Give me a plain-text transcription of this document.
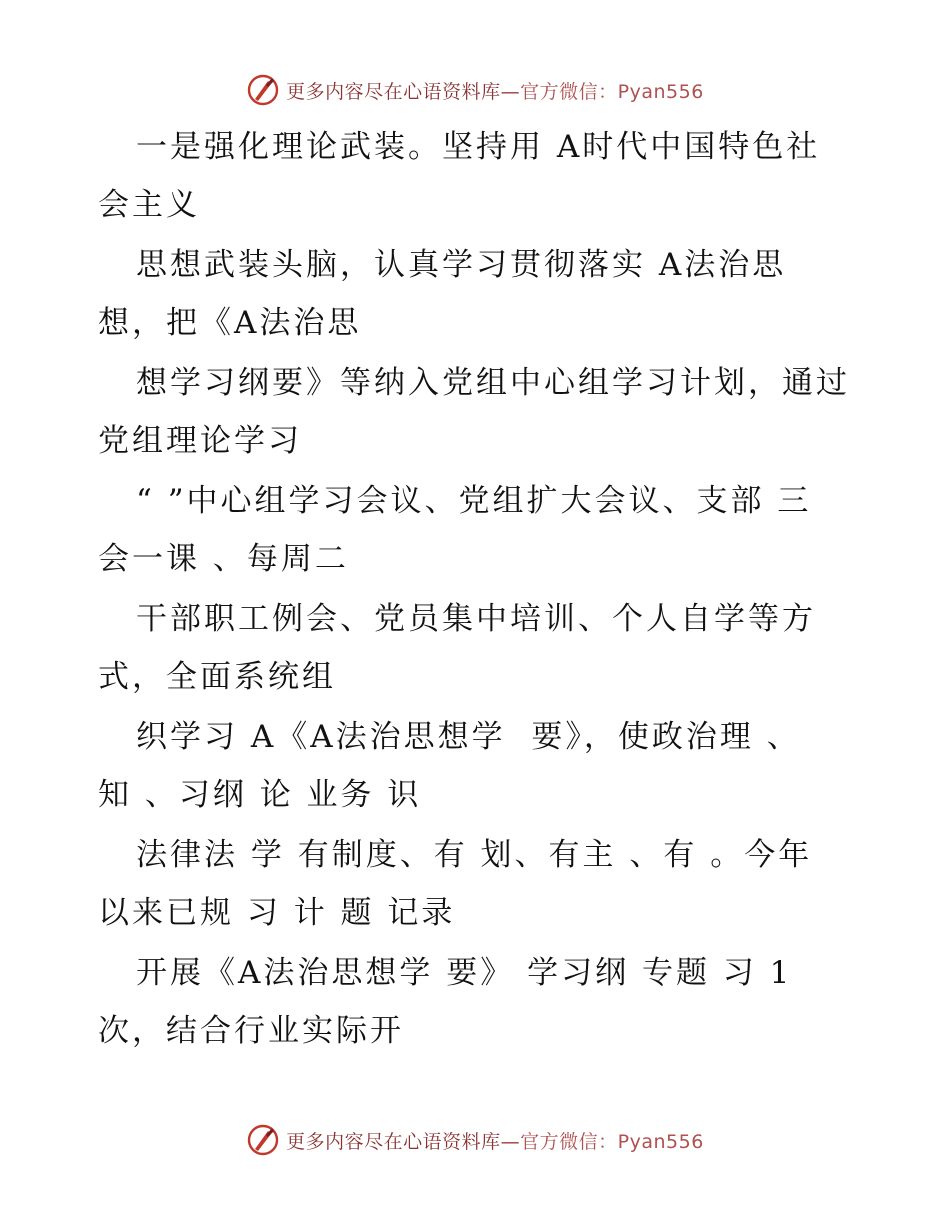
更多内容尽在心语资料库—官方微信：Pyan556
一是强化理论武装。坚持用 A时代中国特色社
会主义
思想武装头脑，认真学习贯彻落实 A法治思
想，把《A法治思
想学习纲要》等纳入党组中心组学习计划，通过
党组理论学习
“ ”中心组学习会议、党组扩大会议、支部 三
会一课 、每周二
干部职工例会、党员集中培训、个人自学等方
式，全面系统组
织学习 A《A法治思想学  要》，使政治理 、
知 、习纲 论 业务 识
法律法 学 有制度、有 划、有主 、有 。今年
以来已规 习 计 题 记录
开展《A法治思想学 要》 学习纲 专题 习 1
次，结合行业实际开
更多内容尽在心语资料库—官方微信：Pyan556
